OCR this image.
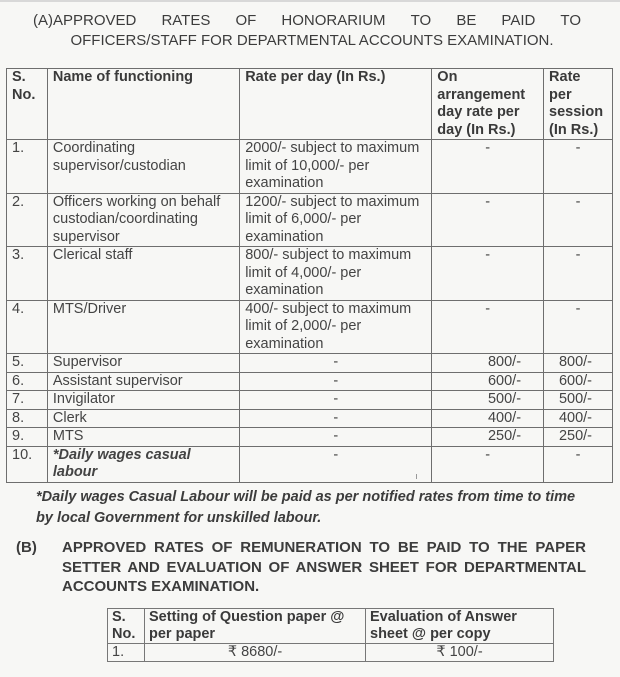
(A)APPROVED RATES OF HONORARIUM TO BE PAID TO
OFFICERS/STAFF FOR DEPARTMENTAL ACCOUNTS EXAMINATION.
S. No.	Name of functioning	Rate per day (In Rs.)	On arrangement day rate per day (In Rs.)	Rate per session (In Rs.)
1.	Coordinating supervisor/custodian	2000/- subject to maximum limit of 10,000/- per examination	-	-
2.	Officers working on behalf custodian/coordinating supervisor	1200/- subject to maximum limit of 6,000/- per examination	-	-
3.	Clerical staff	800/- subject to maximum limit of 4,000/- per examination	-	-
4.	MTS/Driver	400/- subject to maximum limit of 2,000/- per examination	-	-
5.	Supervisor	-	800/-	800/-
6.	Assistant supervisor	-	600/-	600/-
7.	Invigilator	-	500/-	500/-
8.	Clerk	-	400/-	400/-
9.	MTS	-	250/-	250/-
10.	*Daily wages casual labour	-	-	-
*Daily wages Casual Labour will be paid as per notified rates from time to time by local Government for unskilled labour.
(B) APPROVED RATES OF REMUNERATION TO BE PAID TO THE PAPER SETTER AND EVALUATION OF ANSWER SHEET FOR DEPARTMENTAL ACCOUNTS EXAMINATION.
S. No.	Setting of Question paper @ per paper	Evaluation of Answer sheet @ per copy
1.	₹ 8680/-	₹ 100/-
